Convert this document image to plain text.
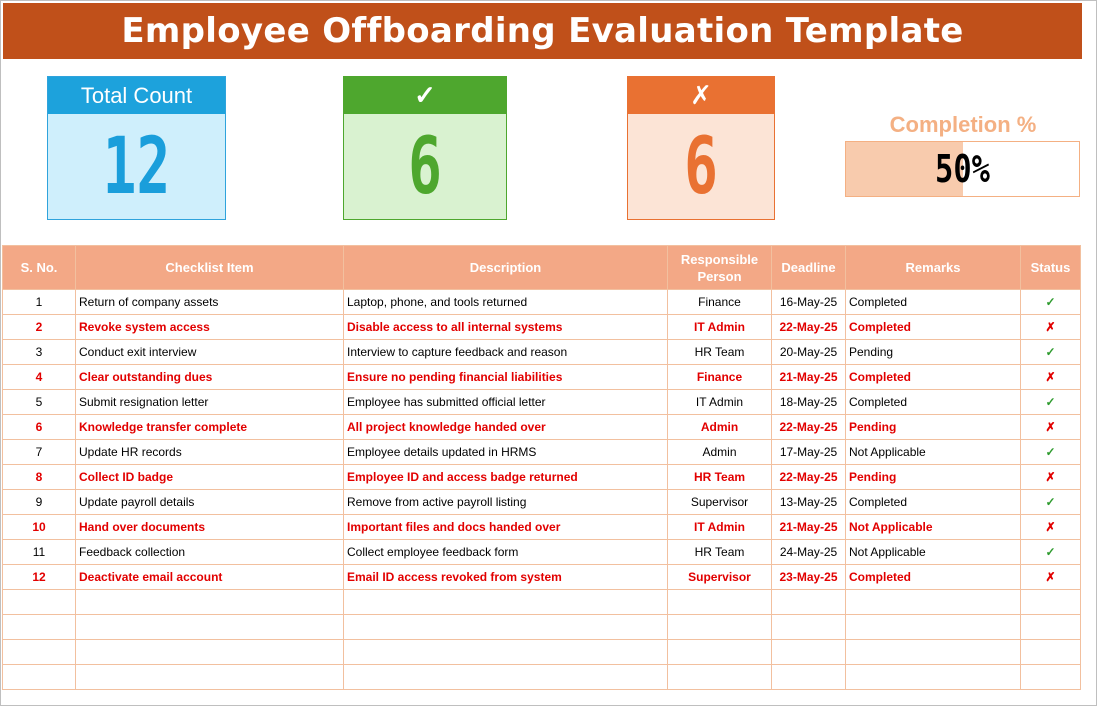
Employee Offboarding Evaluation Template
Total Count
12
✓
6
✗
6	Completion %
50%
S. No.	Checklist Item	Description	Responsible Person	Deadline	Remarks	Status
1	Return of company assets	Laptop, phone, and tools returned	Finance	16-May-25	Completed	✓
2	Revoke system access	Disable access to all internal systems	IT Admin	22-May-25	Completed	✗
3	Conduct exit interview	Interview to capture feedback and reason	HR Team	20-May-25	Pending	✓
4	Clear outstanding dues	Ensure no pending financial liabilities	Finance	21-May-25	Completed	✗
5	Submit resignation letter	Employee has submitted official letter	IT Admin	18-May-25	Completed	✓
6	Knowledge transfer complete	All project knowledge handed over	Admin	22-May-25	Pending	✗
7	Update HR records	Employee details updated in HRMS	Admin	17-May-25	Not Applicable	✓
8	Collect ID badge	Employee ID and access badge returned	HR Team	22-May-25	Pending	✗
9	Update payroll details	Remove from active payroll listing	Supervisor	13-May-25	Completed	✓
10	Hand over documents	Important files and docs handed over	IT Admin	21-May-25	Not Applicable	✗
11	Feedback collection	Collect employee feedback form	HR Team	24-May-25	Not Applicable	✓
12	Deactivate email account	Email ID access revoked from system	Supervisor	23-May-25	Completed	✗
